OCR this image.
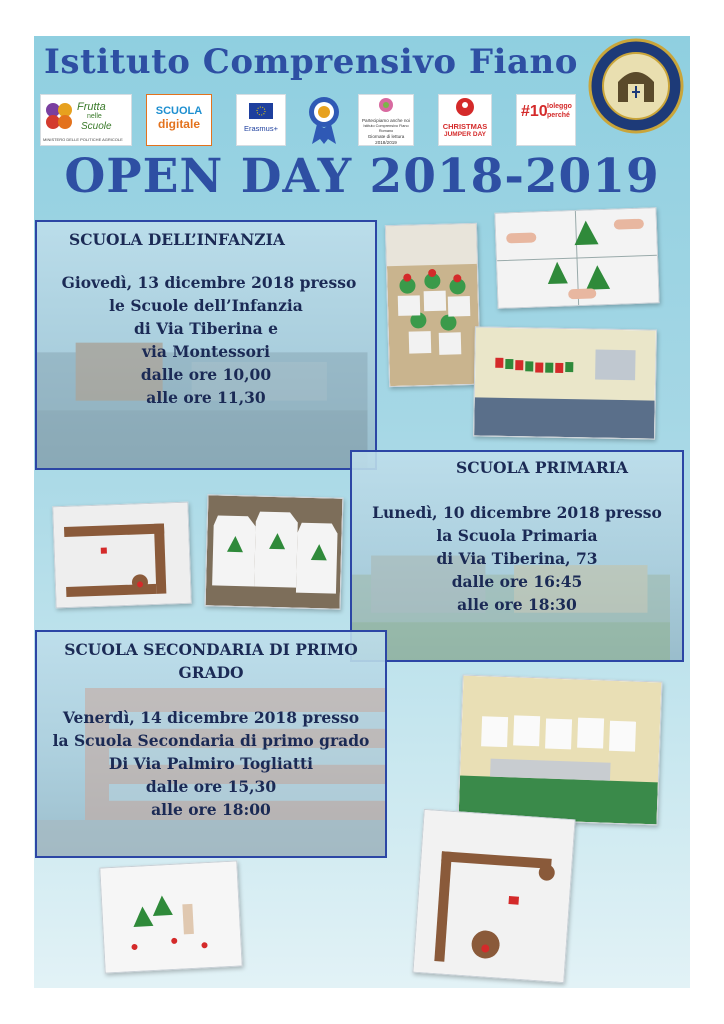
Istituto Comprensivo Fiano
Frutta
nelle
Scuole
MINISTERO DELLE POLITICHE AGRICOLE
SCUOLA
digitale	Erasmus+
Partecipiamo anche noi
Istituto Comprensivo Fiano Romano
Giornate di lettura
2018/2019
CHRISTMAS
JUMPER DAY
#10 Ioleggo
perché
OPEN DAY 2018-2019
SCUOLA DELL’INFANZIA
Giovedì, 13 dicembre 2018 presso
le Scuole dell’Infanzia
di Via Tiberina e
via Montessori
dalle ore 10,00
alle ore 11,30
SCUOLA PRIMARIA
Lunedì, 10 dicembre 2018 presso
la Scuola Primaria
di Via Tiberina, 73
dalle ore 16:45
alle ore 18:30
SCUOLA SECONDARIA DI PRIMO
GRADO
Venerdì, 14 dicembre 2018 presso
la Scuola Secondaria di primo grado
Di Via Palmiro Togliatti
dalle ore 15,30
alle ore 18:00
